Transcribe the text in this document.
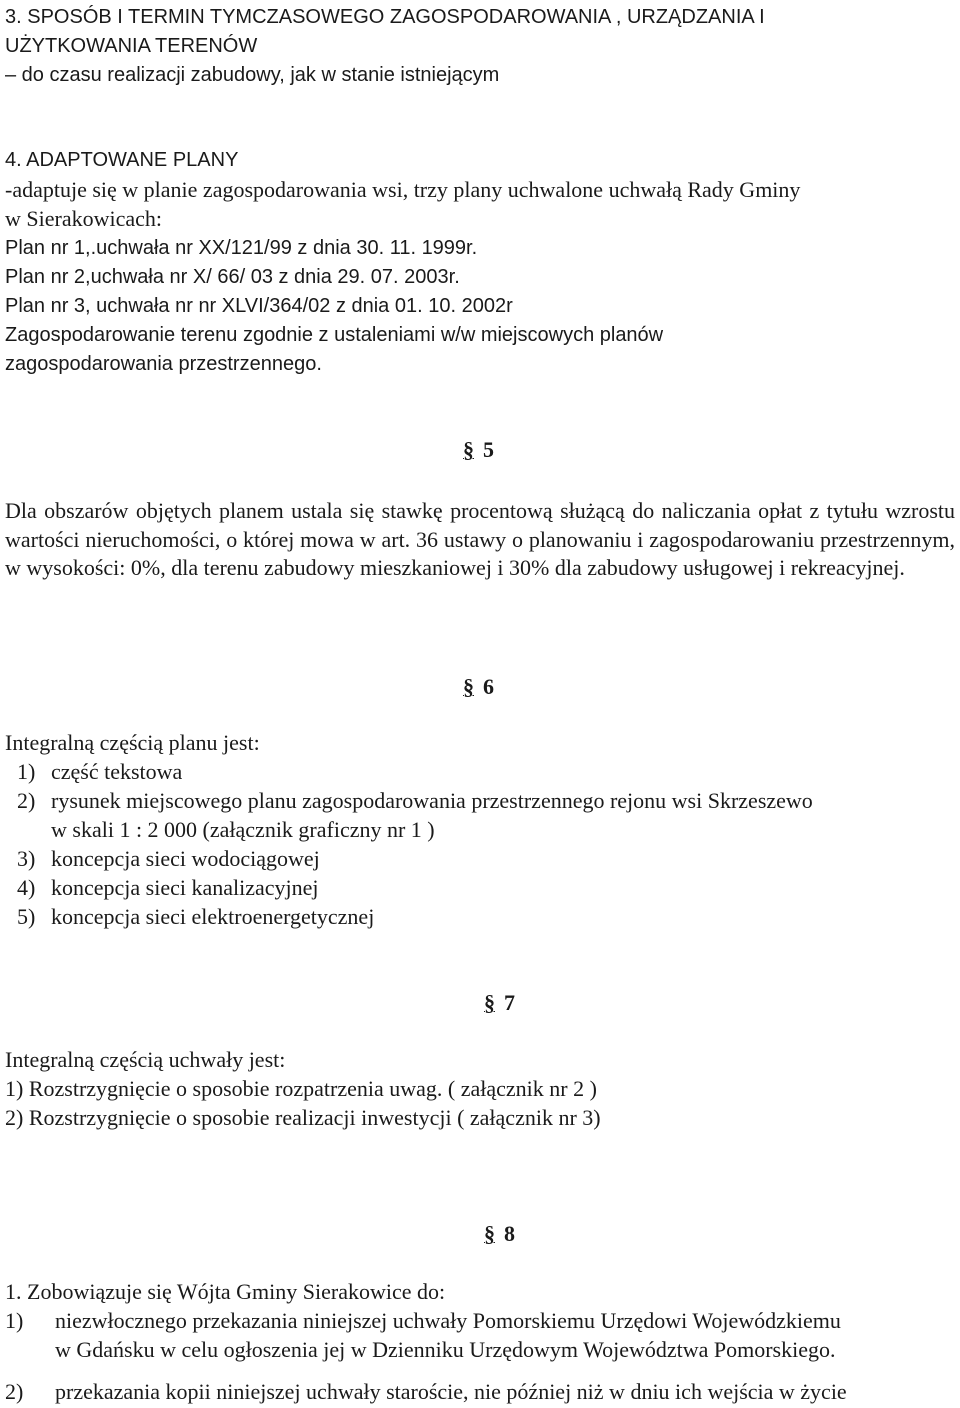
3. SPOSÓB I TERMIN TYMCZASOWEGO ZAGOSPODAROWANIA , URZĄDZANIA I
UŻYTKOWANIA TERENÓW
– do czasu realizacji zabudowy, jak w stanie istniejącym
4. ADAPTOWANE PLANY
-adaptuje się w planie zagospodarowania wsi, trzy plany uchwalone uchwałą Rady Gminy
w Sierakowicach:
Plan nr 1,.uchwała nr XX/121/99 z dnia 30. 11. 1999r.
Plan nr 2,uchwała nr X/ 66/ 03 z dnia 29. 07. 2003r.
Plan nr 3, uchwała nr nr XLVI/364/02 z dnia 01. 10. 2002r
Zagospodarowanie terenu zgodnie z ustaleniami w/w miejscowych planów
zagospodarowania przestrzennego.
§ 5
Dla obszarów objętych planem ustala się stawkę procentową służącą do naliczania opłat z tytułu wzrostu wartości nieruchomości, o której mowa w art. 36 ustawy o planowaniu i zagospodarowaniu przestrzennym, w wysokości: 0%, dla terenu zabudowy mieszkaniowej i 30% dla zabudowy usługowej i rekreacyjnej.
§ 6
Integralną częścią planu jest:
1) część tekstowa
2) rysunek miejscowego planu zagospodarowania przestrzennego rejonu wsi Skrzeszewo
w skali 1 : 2 000 (załącznik graficzny nr 1 )
3) koncepcja sieci wodociągowej
4) koncepcja sieci kanalizacyjnej
5) koncepcja sieci elektroenergetycznej
§ 7
Integralną częścią uchwały jest:
1) Rozstrzygnięcie o sposobie rozpatrzenia uwag. ( załącznik nr 2 )
2) Rozstrzygnięcie o sposobie realizacji inwestycji ( załącznik nr 3)
§ 8
1. Zobowiązuje się Wójta Gminy Sierakowice do:
1) niezwłocznego przekazania niniejszej uchwały Pomorskiemu Urzędowi Wojewódzkiemu
w Gdańsku w celu ogłoszenia jej w Dzienniku Urzędowym Województwa Pomorskiego.
2) przekazania kopii niniejszej uchwały staroście, nie później niż w dniu ich wejścia w życie
